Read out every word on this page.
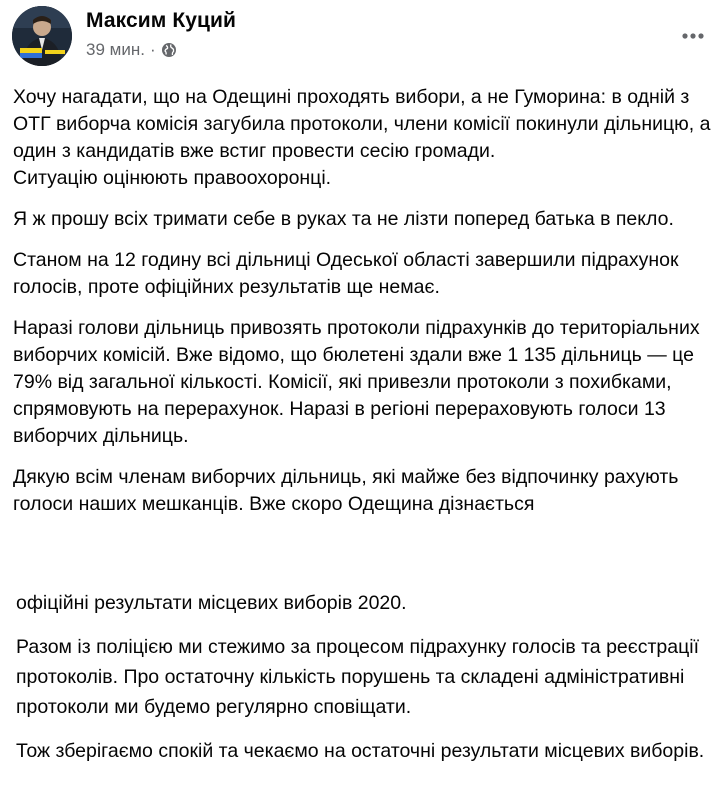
Максим Куций
39 мин. ·

Хочу нагадати, що на Одещині проходять вибори, а не Гуморина: в одній з ОТГ виборча комісія загубила протоколи, члени комісії покинули дільницю, а один з кандидатів вже встиг провести сесію громади.
Ситуацію оцінюють правоохоронці.

Я ж прошу всіх тримати себе в руках та не лізти поперед батька в пекло.

Станом на 12 годину всі дільниці Одеської області завершили підрахунок голосів, проте офіційних результатів ще немає.

Наразі голови дільниць привозять протоколи підрахунків до територіальних виборчих комісій. Вже відомо, що бюлетені здали вже 1 135 дільниць — це 79% від загальної кількості. Комісії, які привезли протоколи з похибками, спрямовують на перерахунок. Наразі в регіоні перераховують голоси 13 виборчих дільниць.

Дякую всім членам виборчих дільниць, які майже без відпочинку рахують голоси наших мешканців. Вже скоро Одещина дізнається

офіційні результати місцевих виборів 2020.

Разом із поліцією ми стежимо за процесом підрахунку голосів та реєстрації протоколів. Про остаточну кількість порушень та складені адміністративні протоколи ми будемо регулярно сповіщати.

Тож зберігаємо спокій та чекаємо на остаточні результати місцевих виборів.
